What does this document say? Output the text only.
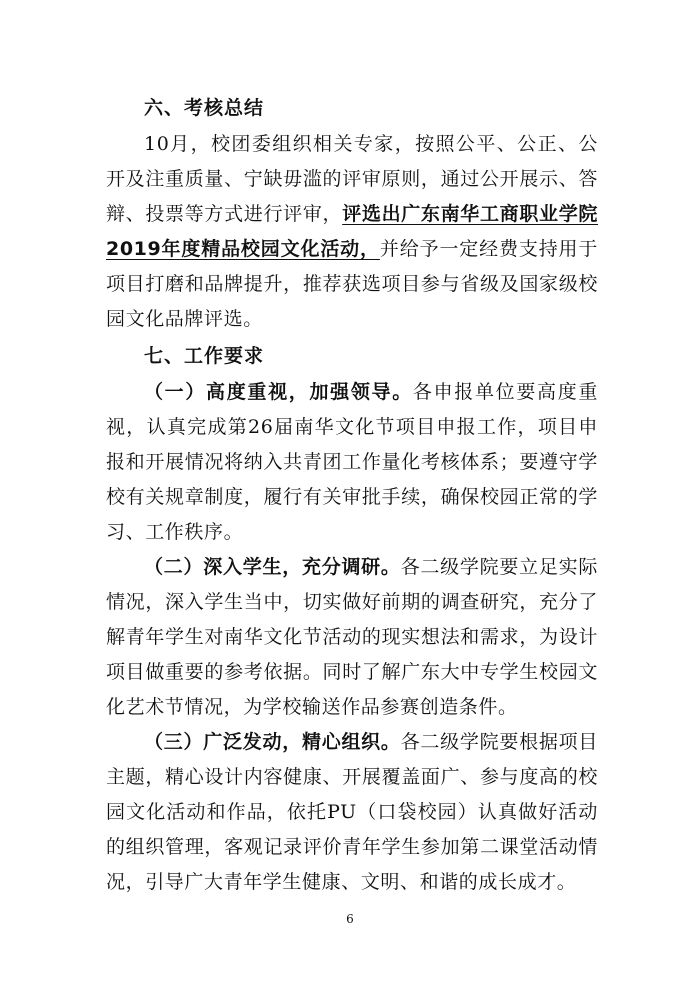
六、考核总结

10月，校团委组织相关专家，按照公平、公正、公开及注重质量、宁缺毋滥的评审原则，通过公开展示、答辩、投票等方式进行评审，评选出广东南华工商职业学院2019年度精品校园文化活动，并给予一定经费支持用于项目打磨和品牌提升，推荐获选项目参与省级及国家级校园文化品牌评选。

七、工作要求

（一）高度重视，加强领导。各申报单位要高度重视，认真完成第26届南华文化节项目申报工作，项目申报和开展情况将纳入共青团工作量化考核体系；要遵守学校有关规章制度，履行有关审批手续，确保校园正常的学习、工作秩序。

（二）深入学生，充分调研。各二级学院要立足实际情况，深入学生当中，切实做好前期的调查研究，充分了解青年学生对南华文化节活动的现实想法和需求，为设计项目做重要的参考依据。同时了解广东大中专学生校园文化艺术节情况，为学校输送作品参赛创造条件。

（三）广泛发动，精心组织。各二级学院要根据项目主题，精心设计内容健康、开展覆盖面广、参与度高的校园文化活动和作品，依托PU（口袋校园）认真做好活动的组织管理，客观记录评价青年学生参加第二课堂活动情况，引导广大青年学生健康、文明、和谐的成长成才。

6
